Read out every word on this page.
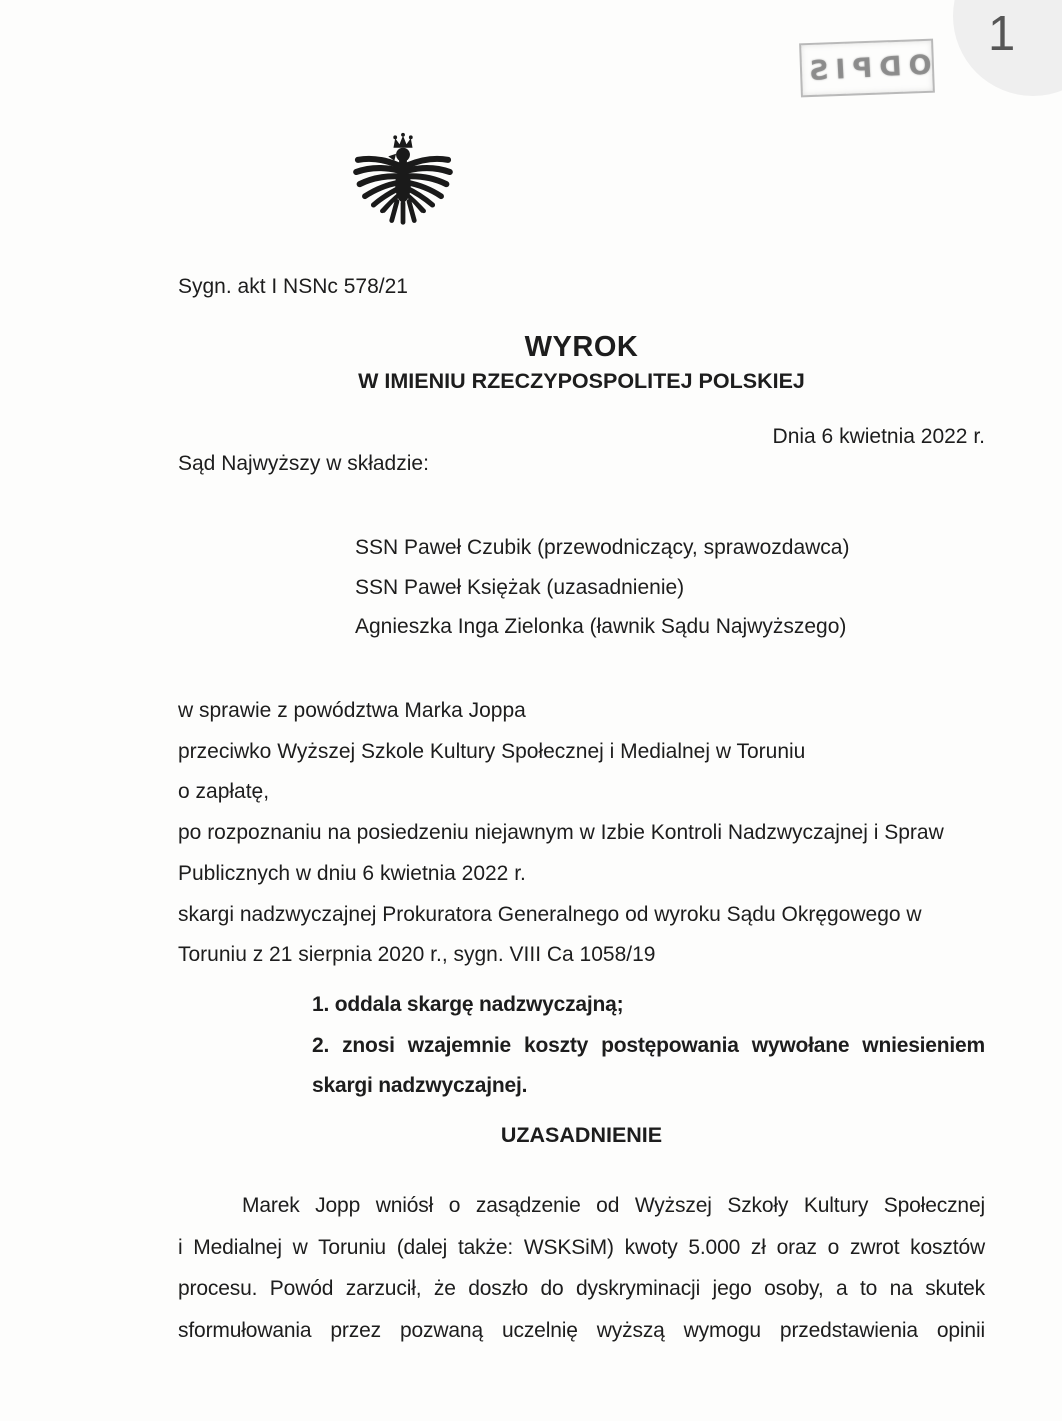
1
ODPIS
Sygn. akt I NSNc 578/21
WYROK
W IMIENIU RZECZYPOSPOLITEJ POLSKIEJ
Dnia 6 kwietnia 2022 r.
Sąd Najwyższy w składzie:
SSN Paweł Czubik (przewodniczący, sprawozdawca)
SSN Paweł Księżak (uzasadnienie)
Agnieszka Inga Zielonka (ławnik Sądu Najwyższego)
w sprawie z powództwa Marka Joppa
przeciwko Wyższej Szkole Kultury Społecznej i Medialnej w Toruniu
o zapłatę,
po rozpoznaniu na posiedzeniu niejawnym w Izbie Kontroli Nadzwyczajnej i Spraw
Publicznych w dniu 6 kwietnia 2022 r.
skargi nadzwyczajnej Prokuratora Generalnego od wyroku Sądu Okręgowego w
Toruniu z 21 sierpnia 2020 r., sygn. VIII Ca 1058/19
1. oddala skargę nadzwyczajną;
2. znosi wzajemnie koszty postępowania wywołane wniesieniem
skargi nadzwyczajnej.
UZASADNIENIE
Marek Jopp wniósł o zasądzenie od Wyższej Szkoły Kultury Społecznej
i Medialnej w Toruniu (dalej także: WSKSiM) kwoty 5.000 zł oraz o zwrot kosztów
procesu. Powód zarzucił, że doszło do dyskryminacji jego osoby, a to na skutek
sformułowania przez pozwaną uczelnię wyższą wymogu przedstawienia opinii
